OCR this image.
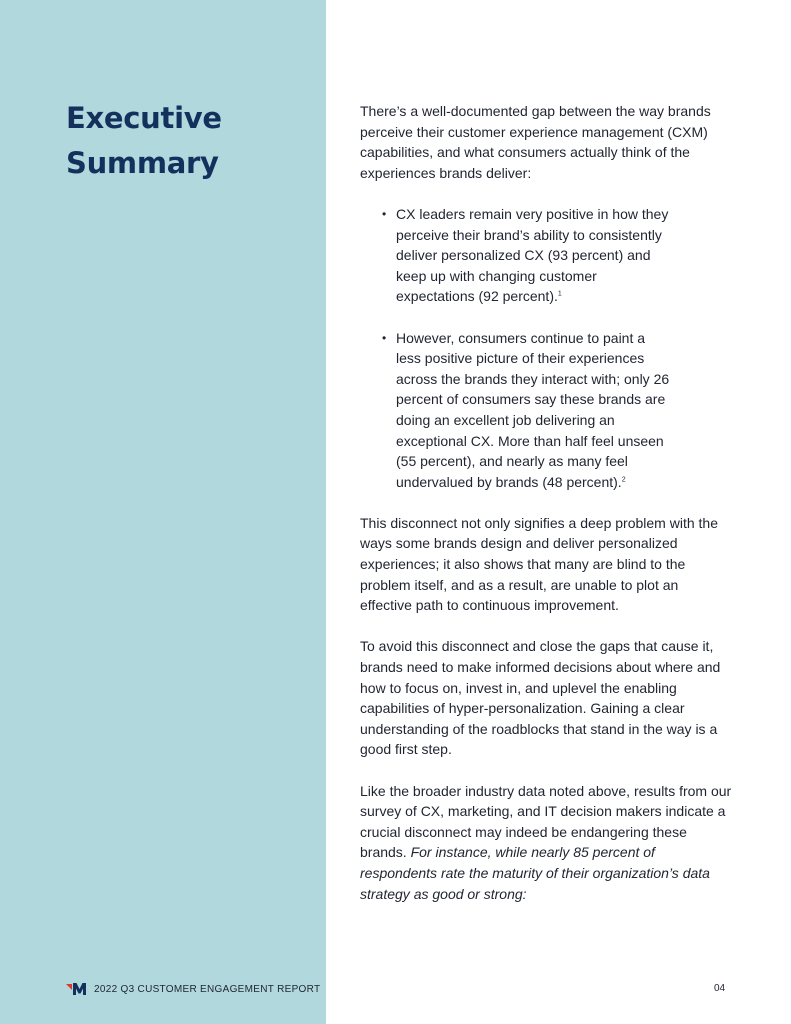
Executive
Summary

There’s a well-documented gap between the way brands perceive their customer experience management (CXM) capabilities, and what consumers actually think of the experiences brands deliver:

• CX leaders remain very positive in how they perceive their brand’s ability to consistently deliver personalized CX (93 percent) and keep up with changing customer expectations (92 percent).$^1$
• However, consumers continue to paint a less positive picture of their experiences across the brands they interact with; only 26 percent of consumers say these brands are doing an excellent job delivering an exceptional CX. More than half feel unseen (55 percent), and nearly as many feel undervalued by brands (48 percent).$^2$

This disconnect not only signifies a deep problem with the ways some brands design and deliver personalized experiences; it also shows that many are blind to the problem itself, and as a result, are unable to plot an effective path to continuous improvement.

To avoid this disconnect and close the gaps that cause it, brands need to make informed decisions about where and how to focus on, invest in, and uplevel the enabling capabilities of hyper-personalization. Gaining a clear understanding of the roadblocks that stand in the way is a good first step.

Like the broader industry data noted above, results from our survey of CX, marketing, and IT decision makers indicate a crucial disconnect may indeed be endangering these brands. For instance, while nearly 85 percent of respondents rate the maturity of their organization’s data strategy as good or strong:

2022 Q3 CUSTOMER ENGAGEMENT REPORT	04
